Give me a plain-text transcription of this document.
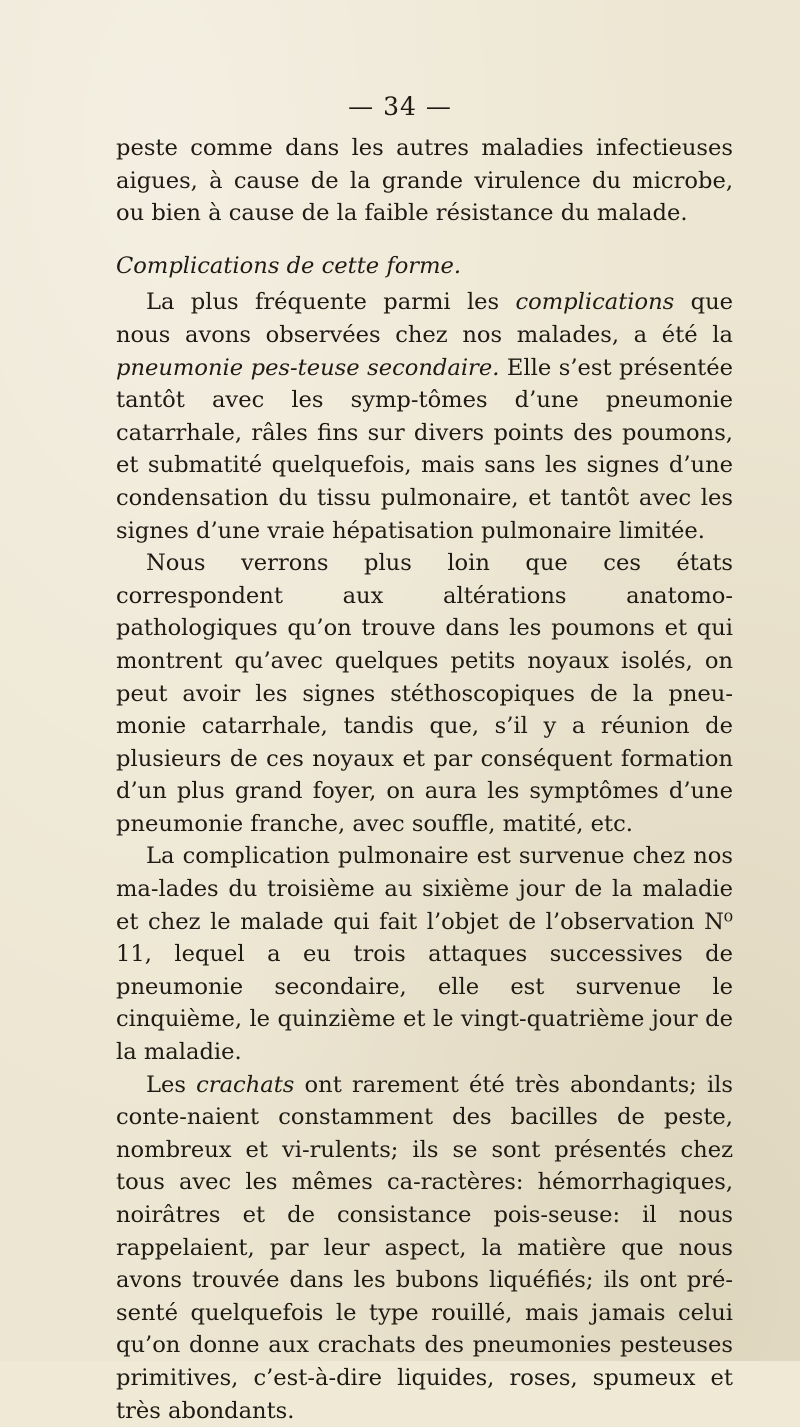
— 34 —

peste comme dans les autres maladies infectieuses aigues, à cause de la grande virulence du microbe, ou bien à cause de la faible résistance du malade.

Complications de cette forme.

La plus fréquente parmi les complications que nous avons observées chez nos malades, a été la pneumonie pes-teuse secondaire. Elle s’est présentée tantôt avec les symp-tômes d’une pneumonie catarrhale, râles fins sur divers points des poumons, et submatité quelquefois, mais sans les signes d’une condensation du tissu pulmonaire, et tantôt avec les signes d’une vraie hépatisation pulmonaire limitée.

Nous verrons plus loin que ces états correspondent aux altérations anatomo-pathologiques qu’on trouve dans les poumons et qui montrent qu’avec quelques petits noyaux isolés, on peut avoir les signes stéthoscopiques de la pneu-monie catarrhale, tandis que, s’il y a réunion de plusieurs de ces noyaux et par conséquent formation d’un plus grand foyer, on aura les symptômes d’une pneumonie franche, avec souffle, matité, etc.

La complication pulmonaire est survenue chez nos ma-lades du troisième au sixième jour de la maladie et chez le malade qui fait l’objet de l’observation N⁰ 11, lequel a eu trois attaques successives de pneumonie secondaire, elle est survenue le cinquième, le quinzième et le vingt-quatrième jour de la maladie.

Les crachats ont rarement été très abondants; ils conte-naient constamment des bacilles de peste, nombreux et vi-rulents; ils se sont présentés chez tous avec les mêmes ca-ractères: hémorrhagiques, noirâtres et de consistance pois-seuse: il nous rappelaient, par leur aspect, la matière que nous avons trouvée dans les bubons liquéfiés; ils ont pré-senté quelquefois le type rouillé, mais jamais celui qu’on donne aux crachats des pneumonies pesteuses primitives, c’est-à-dire liquides, roses, spumeux et très abondants.
